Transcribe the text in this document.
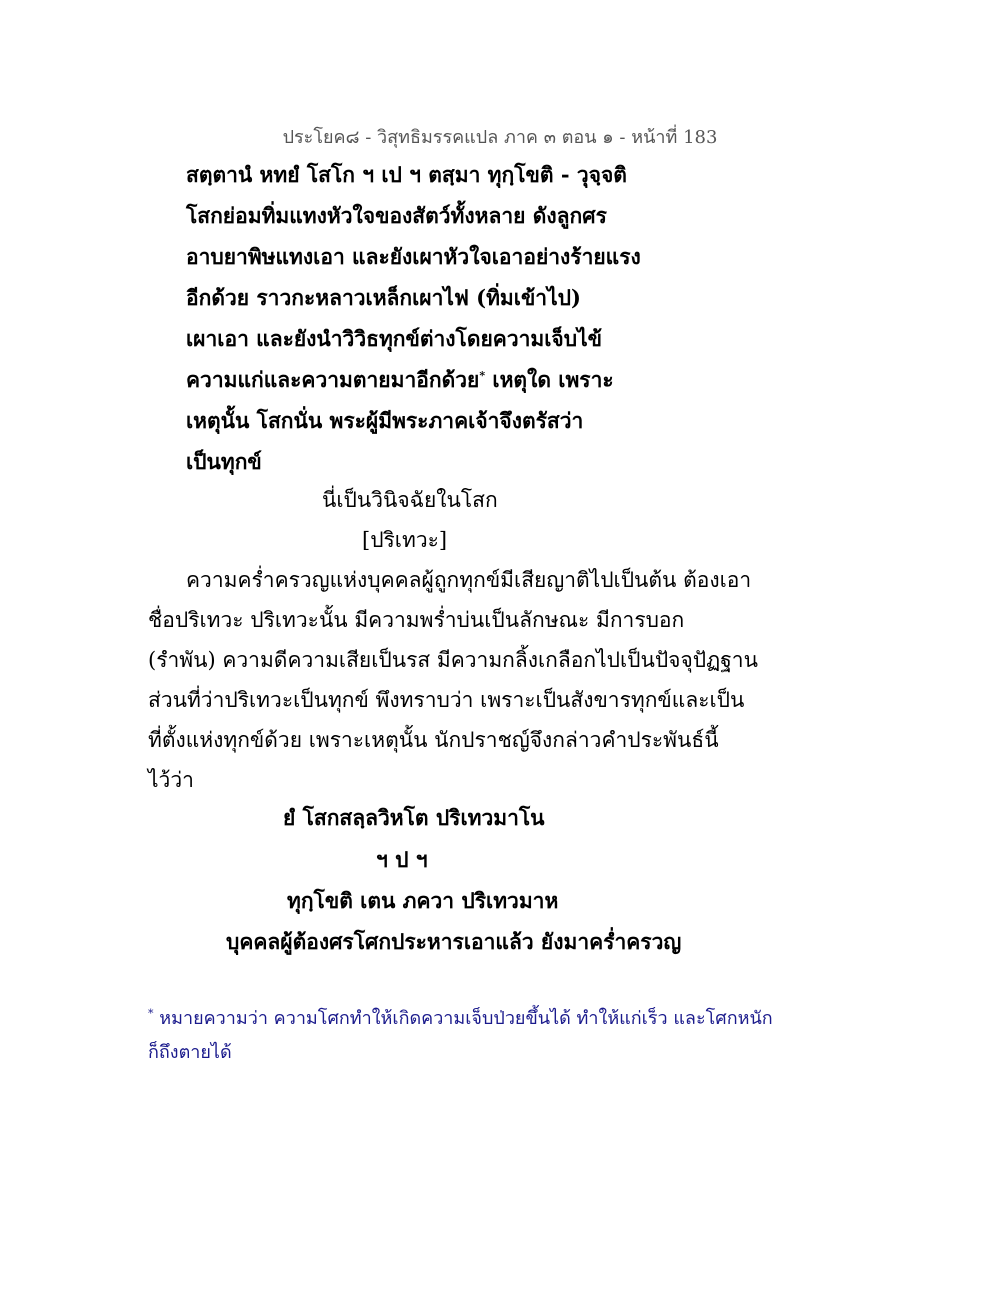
ประโยค๘ - วิสุทธิมรรคแปล ภาค ๓ ตอน ๑ - หน้าที่ 183
สตฺตานํ หทยํ โสโก ฯ เป ฯ ตสฺมา ทุกฺโขติ - วุจฺจติ
โสกย่อมทิ่มแทงหัวใจของสัตว์ทั้งหลาย ดังลูกศร
อาบยาพิษแทงเอา และยังเผาหัวใจเอาอย่างร้ายแรง
อีกด้วย ราวกะหลาวเหล็กเผาไฟ (ทิ่มเข้าไป)
เผาเอา และยังนำวิวิธทุกข์ต่างโดยความเจ็บไข้
ความแก่และความตายมาอีกด้วย* เหตุใด เพราะ
เหตุนั้น โสกนั่น พระผู้มีพระภาคเจ้าจึงตรัสว่า
เป็นทุกข์
นี่เป็นวินิจฉัยในโสก
[ปริเทวะ]
ความคร่ำครวญแห่งบุคคลผู้ถูกทุกข์มีเสียญาติไปเป็นต้น ต้องเอา
ชื่อปริเทวะ ปริเทวะนั้น มีความพร่ำบ่นเป็นลักษณะ มีการบอก
(รำพัน) ความดีความเสียเป็นรส มีความกลิ้งเกลือกไปเป็นปัจจุปัฏฐาน
ส่วนที่ว่าปริเทวะเป็นทุกข์ พึงทราบว่า เพราะเป็นสังขารทุกข์และเป็น
ที่ตั้งแห่งทุกข์ด้วย เพราะเหตุนั้น นักปราชญ์จึงกล่าวคำประพันธ์นี้
ไว้ว่า
ยํ โสกสลฺลวิหโต ปริเทวมาโน
ฯ ป ฯ
ทุกฺโขติ เตน ภควา ปริเทวมาห
บุคคลผู้ต้องศรโศกประหารเอาแล้ว ยังมาคร่ำครวญ
* หมายความว่า ความโศกทำให้เกิดความเจ็บป่วยขึ้นได้ ทำให้แก่เร็ว และโศกหนัก
ก็ถึงตายได้
